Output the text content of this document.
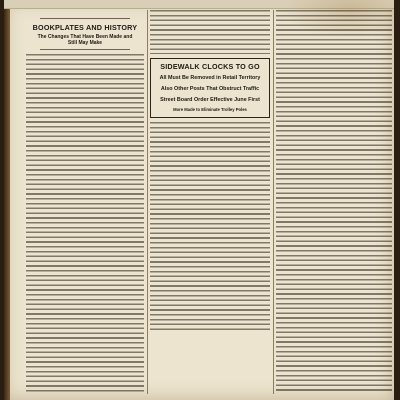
BOOKPLATES AND HISTORY
The Changes That Have Been Made and
Still May Make
SIDEWALK CLOCKS TO GO
All Must Be Removed in Retail Territory
Also Other Posts That Obstruct Traffic
Street Board Order Effective June First
More Made to Eliminate Trolley Poles
